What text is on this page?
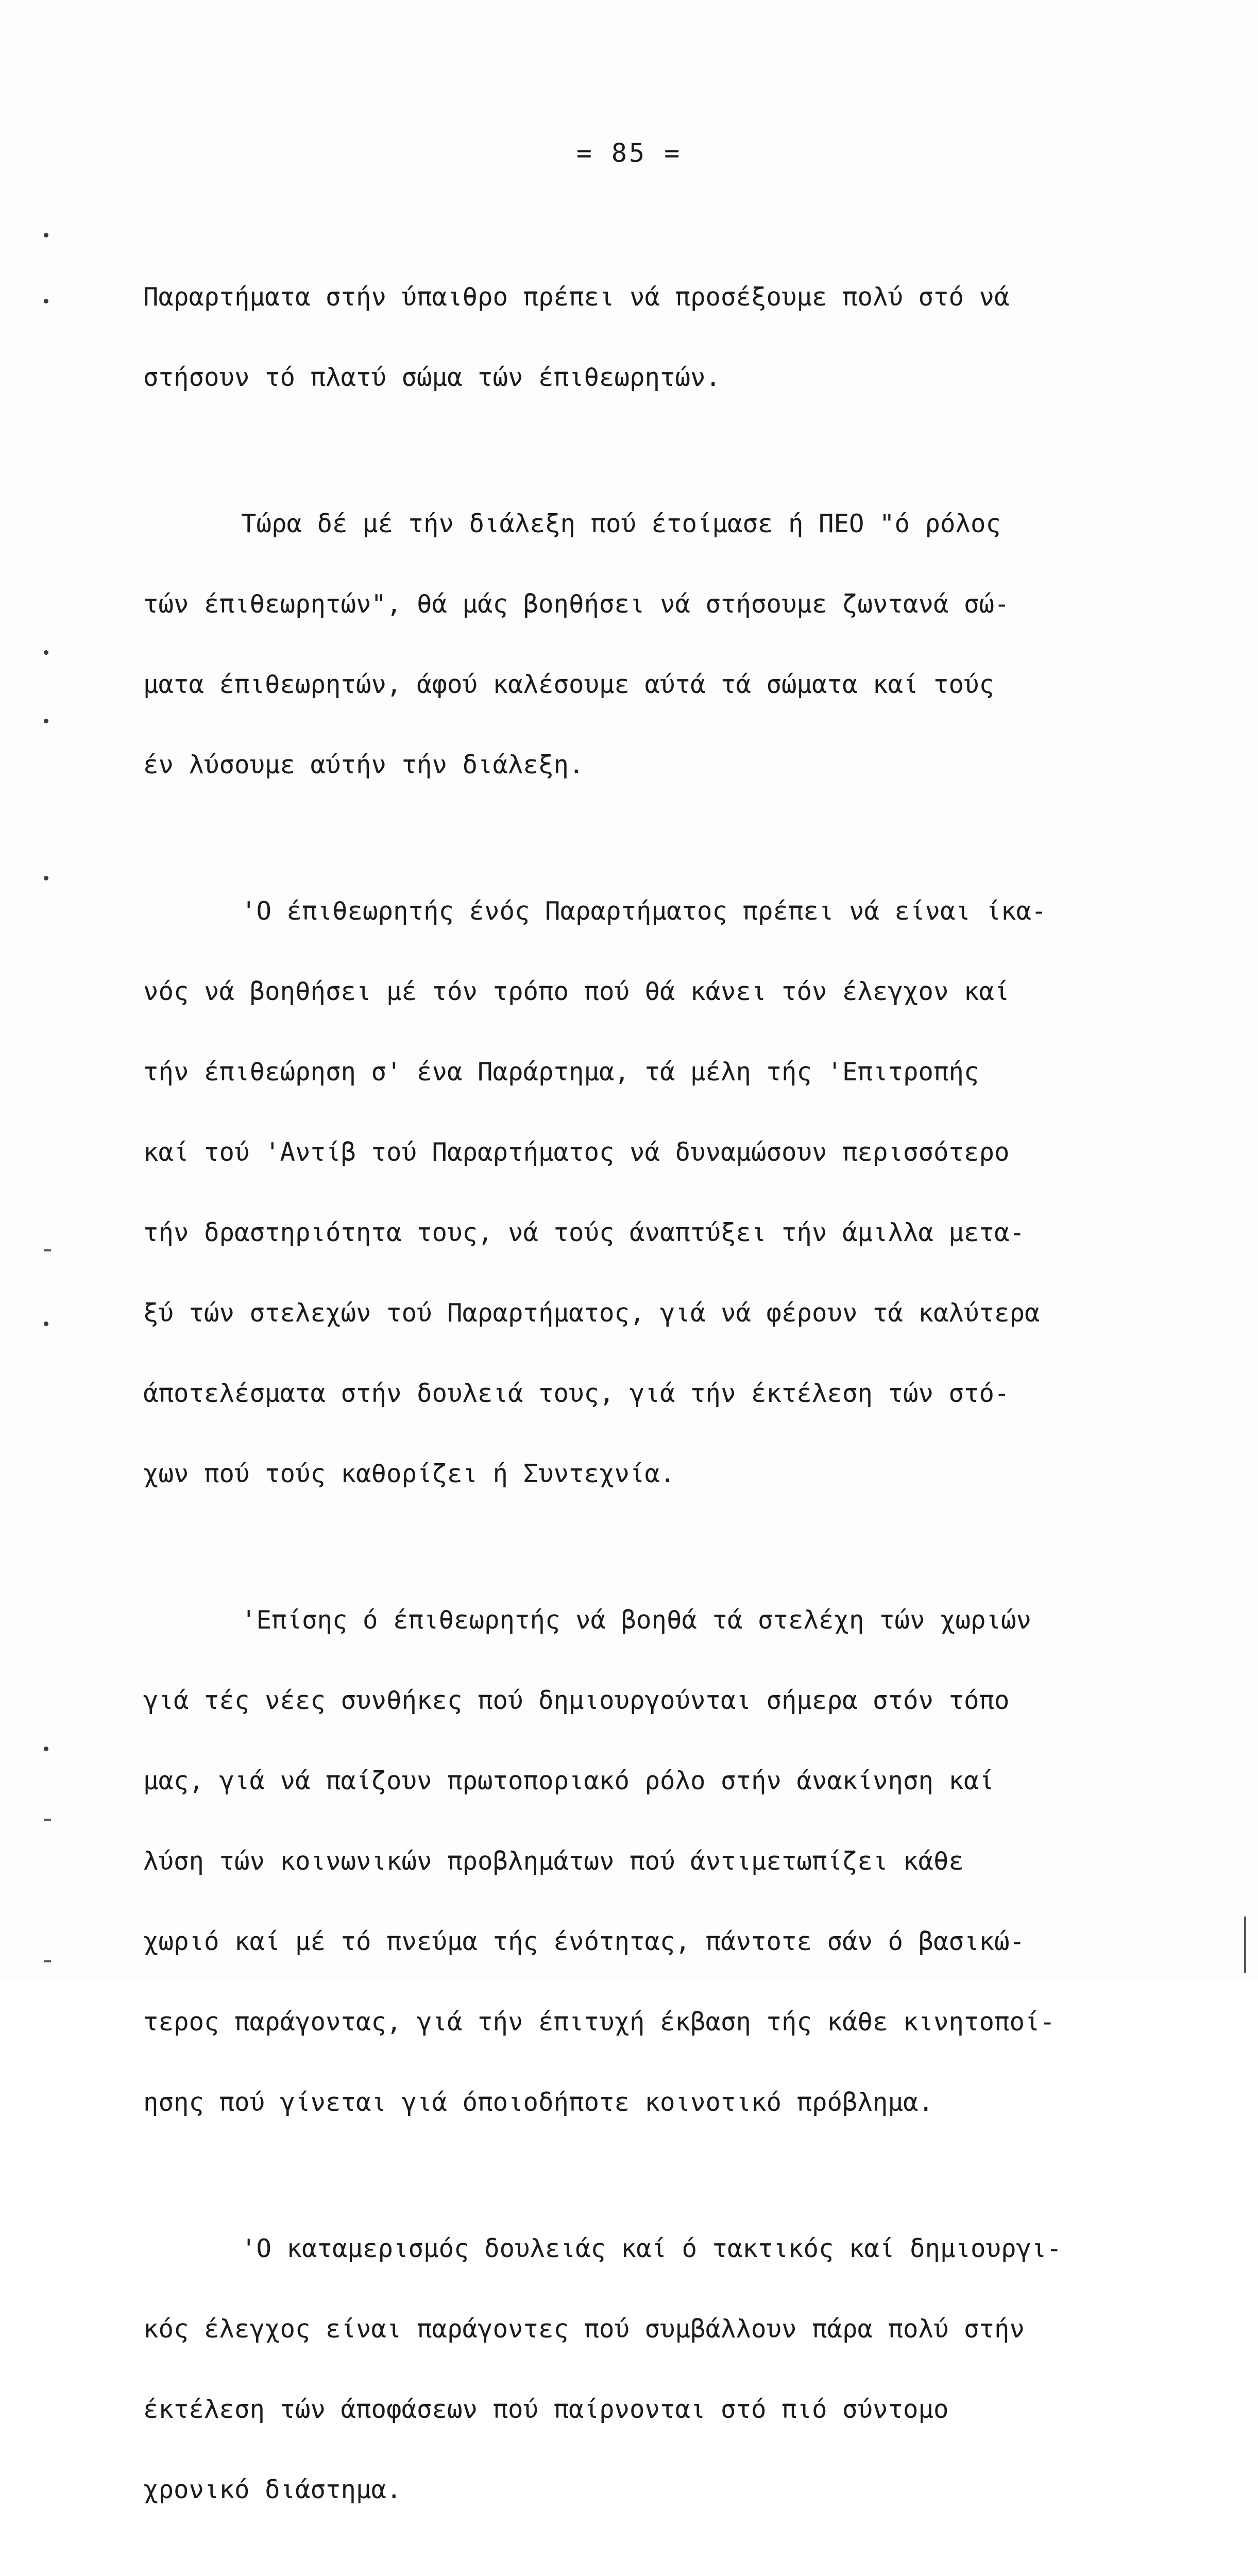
= 85 =

Παραρτήματα στήν ύπαιθρο πρέπει νά προσέξουμε πολύ στό νά

στήσουν τό πλατύ σώμα τών έπιθεωρητών.

Τώρα δέ μέ τήν διάλεξη πού έτοίμασε ή ΠΕΟ "ό ρόλος

τών έπιθεωρητών", θά μάς βοηθήσει νά στήσουμε ζωντανά σώ-

ματα έπιθεωρητών, άφού καλέσουμε αύτά τά σώματα καί τούς

έν λύσουμε αύτήν τήν διάλεξη.

'Ο έπιθεωρητής ένός Παραρτήματος πρέπει νά είναι ίκα-

νός νά βοηθήσει μέ τόν τρόπο πού θά κάνει τόν έλεγχον καί

τήν έπιθεώρηση σ' ένα Παράρτημα, τά μέλη τής 'Επιτροπής

καί τού 'Αντίβ τού Παραρτήματος νά δυναμώσουν περισσότερο

τήν δραστηριότητα τους, νά τούς άναπτύξει τήν άμιλλα μετα-

ξύ τών στελεχών τού Παραρτήματος, γιά νά φέρουν τά καλύτερα

άποτελέσματα στήν δουλειά τους, γιά τήν έκτέλεση τών στό-

χων πού τούς καθορίζει ή Συντεχνία.

'Επίσης ό έπιθεωρητής νά βοηθά τά στελέχη τών χωριών

γιά τές νέες συνθήκες πού δημιουργούνται σήμερα στόν τόπο

μας, γιά νά παίζουν πρωτοποριακό ρόλο στήν άνακίνηση καί

λύση τών κοινωνικών προβλημάτων πού άντιμετωπίζει κάθε

χωριό καί μέ τό πνεύμα τής ένότητας, πάντοτε σάν ό βασικώ-

τερος παράγοντας, γιά τήν έπιτυχή έκβαση τής κάθε κινητοποί-

ησης πού γίνεται γιά όποιοδήποτε κοινοτικό πρόβλημα.

'Ο καταμερισμός δουλειάς καί ό τακτικός καί δημιουργι-

κός έλεγχος είναι παράγοντες πού συμβάλλουν πάρα πολύ στήν

έκτέλεση τών άποφάσεων πού παίρνονται στό πιό σύντομο

χρονικό διάστημα.
